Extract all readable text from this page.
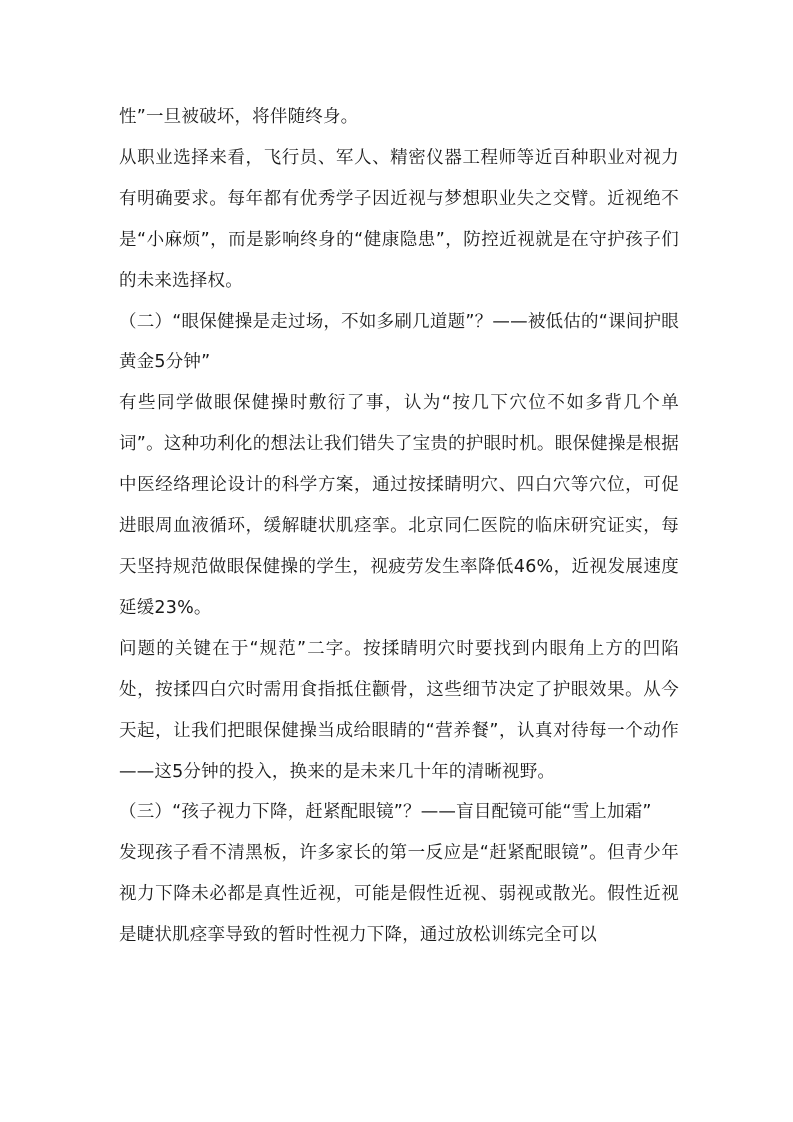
性”一旦被破坏，将伴随终身。

从职业选择来看，飞行员、军人、精密仪器工程师等近百种职业对视力有明确要求。每年都有优秀学子因近视与梦想职业失之交臂。近视绝不是“小麻烦”，而是影响终身的“健康隐患”，防控近视就是在守护孩子们的未来选择权。

（二）“眼保健操是走过场，不如多刷几道题”？——被低估的“课间护眼黄金5分钟”

有些同学做眼保健操时敷衍了事，认为“按几下穴位不如多背几个单词”。这种功利化的想法让我们错失了宝贵的护眼时机。眼保健操是根据中医经络理论设计的科学方案，通过按揉睛明穴、四白穴等穴位，可促进眼周血液循环，缓解睫状肌痉挛。北京同仁医院的临床研究证实，每天坚持规范做眼保健操的学生，视疲劳发生率降低46%，近视发展速度延缓23%。

问题的关键在于“规范”二字。按揉睛明穴时要找到内眼角上方的凹陷处，按揉四白穴时需用食指抵住颧骨，这些细节决定了护眼效果。从今天起，让我们把眼保健操当成给眼睛的“营养餐”，认真对待每一个动作——这5分钟的投入，换来的是未来几十年的清晰视野。

（三）“孩子视力下降，赶紧配眼镜”？——盲目配镜可能“雪上加霜”

发现孩子看不清黑板，许多家长的第一反应是“赶紧配眼镜”。但青少年视力下降未必都是真性近视，可能是假性近视、弱视或散光。假性近视是睫状肌痉挛导致的暂时性视力下降，通过放松训练完全可以
